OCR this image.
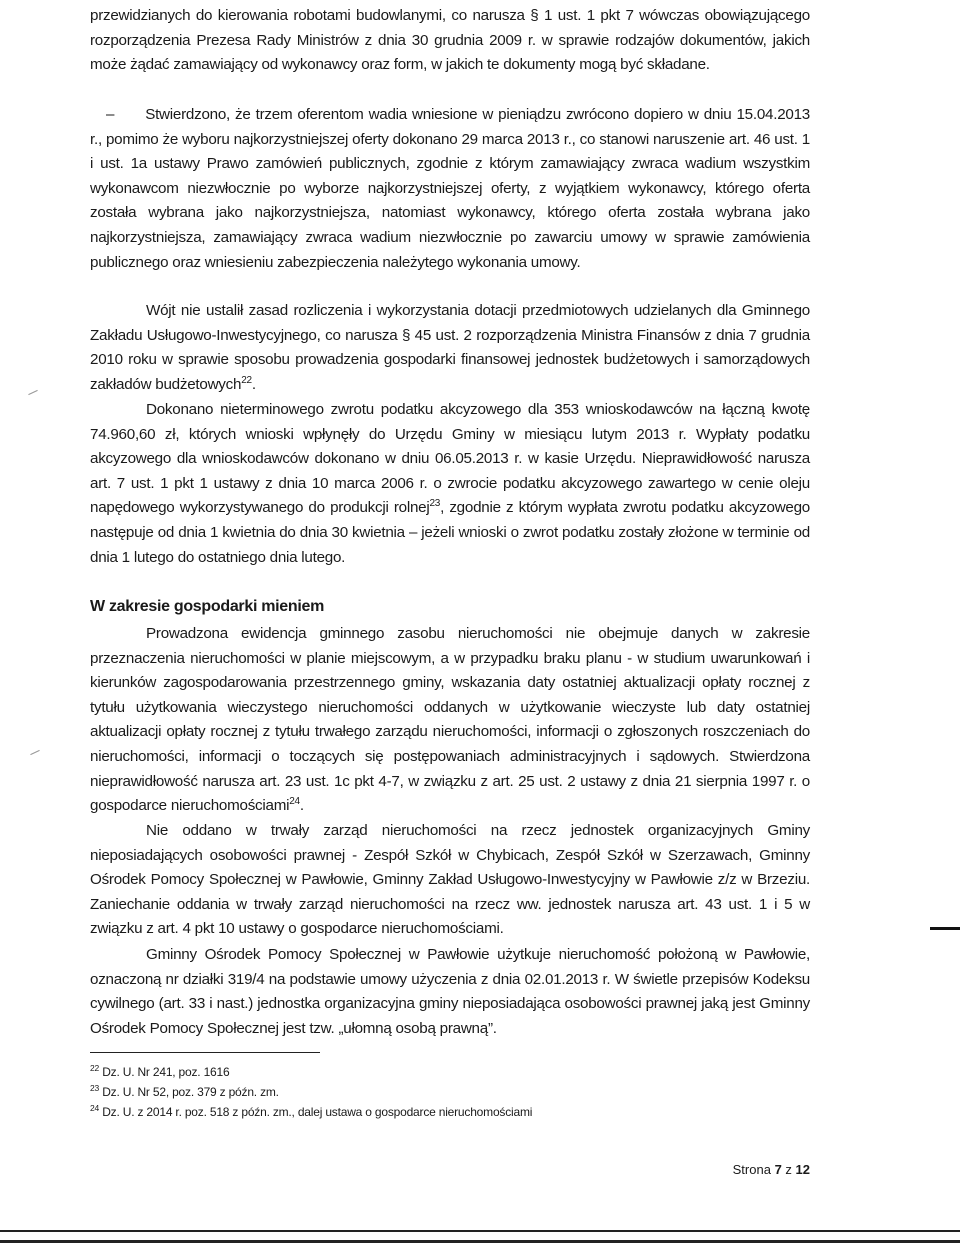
przewidzianych do kierowania robotami budowlanymi, co narusza § 1 ust. 1 pkt 7 wówczas obowiązującego rozporządzenia Prezesa Rady Ministrów z dnia 30 grudnia 2009 r. w sprawie rodzajów dokumentów, jakich może żądać zamawiający od wykonawcy oraz form, w jakich te dokumenty mogą być składane.

– Stwierdzono, że trzem oferentom wadia wniesione w pieniądzu zwrócono dopiero w dniu 15.04.2013 r., pomimo że wyboru najkorzystniejszej oferty dokonano 29 marca 2013 r., co stanowi naruszenie art. 46 ust. 1 i ust. 1a ustawy Prawo zamówień publicznych, zgodnie z którym zamawiający zwraca wadium wszystkim wykonawcom niezwłocznie po wyborze najkorzystniejszej oferty, z wyjątkiem wykonawcy, którego oferta została wybrana jako najkorzystniejsza, natomiast wykonawcy, którego oferta została wybrana jako najkorzystniejsza, zamawiający zwraca wadium niezwłocznie po zawarciu umowy w sprawie zamówienia publicznego oraz wniesieniu zabezpieczenia należytego wykonania umowy.

Wójt nie ustalił zasad rozliczenia i wykorzystania dotacji przedmiotowych udzielanych dla Gminnego Zakładu Usługowo-Inwestycyjnego, co narusza § 45 ust. 2 rozporządzenia Ministra Finansów z dnia 7 grudnia 2010 roku w sprawie sposobu prowadzenia gospodarki finansowej jednostek budżetowych i samorządowych zakładów budżetowych$^{22}$.

Dokonano nieterminowego zwrotu podatku akcyzowego dla 353 wnioskodawców na łączną kwotę 74.960,60 zł, których wnioski wpłynęły do Urzędu Gminy w miesiącu lutym 2013 r. Wypłaty podatku akcyzowego dla wnioskodawców dokonano w dniu 06.05.2013 r. w kasie Urzędu. Nieprawidłowość narusza art. 7 ust. 1 pkt 1 ustawy z dnia 10 marca 2006 r. o zwrocie podatku akcyzowego zawartego w cenie oleju napędowego wykorzystywanego do produkcji rolnej$^{23}$, zgodnie z którym wypłata zwrotu podatku akcyzowego następuje od dnia 1 kwietnia do dnia 30 kwietnia – jeżeli wnioski o zwrot podatku zostały złożone w terminie od dnia 1 lutego do ostatniego dnia lutego.

W zakresie gospodarki mieniem

Prowadzona ewidencja gminnego zasobu nieruchomości nie obejmuje danych w zakresie przeznaczenia nieruchomości w planie miejscowym, a w przypadku braku planu - w studium uwarunkowań i kierunków zagospodarowania przestrzennego gminy, wskazania daty ostatniej aktualizacji opłaty rocznej z tytułu użytkowania wieczystego nieruchomości oddanych w użytkowanie wieczyste lub daty ostatniej aktualizacji opłaty rocznej z tytułu trwałego zarządu nieruchomości, informacji o zgłoszonych roszczeniach do nieruchomości, informacji o toczących się postępowaniach administracyjnych i sądowych. Stwierdzona nieprawidłowość narusza art. 23 ust. 1c pkt 4-7, w związku z art. 25 ust. 2 ustawy z dnia 21 sierpnia 1997 r. o gospodarce nieruchomościami$^{24}$.

Nie oddano w trwały zarząd nieruchomości na rzecz jednostek organizacyjnych Gminy nieposiadających osobowości prawnej - Zespół Szkół w Chybicach, Zespół Szkół w Szerzawach, Gminny Ośrodek Pomocy Społecznej w Pawłowie, Gminny Zakład Usługowo-Inwestycyjny w Pawłowie z/z w Brzeziu. Zaniechanie oddania w trwały zarząd nieruchomości na rzecz ww. jednostek narusza art. 43 ust. 1 i 5 w związku z art. 4 pkt 10 ustawy o gospodarce nieruchomościami.

Gminny Ośrodek Pomocy Społecznej w Pawłowie użytkuje nieruchomość położoną w Pawłowie, oznaczoną nr działki 319/4 na podstawie umowy użyczenia z dnia 02.01.2013 r. W świetle przepisów Kodeksu cywilnego (art. 33 i nast.) jednostka organizacyjna gminy nieposiadająca osobowości prawnej jaką jest Gminny Ośrodek Pomocy Społecznej jest tzw. „ułomną osobą prawną”.

$^{22}$ Dz. U. Nr 241, poz. 1616
$^{23}$ Dz. U. Nr 52, poz. 379 z późn. zm.
$^{24}$ Dz. U. z 2014 r. poz. 518 z późn. zm., dalej ustawa o gospodarce nieruchomościami
Strona 7 z 12
